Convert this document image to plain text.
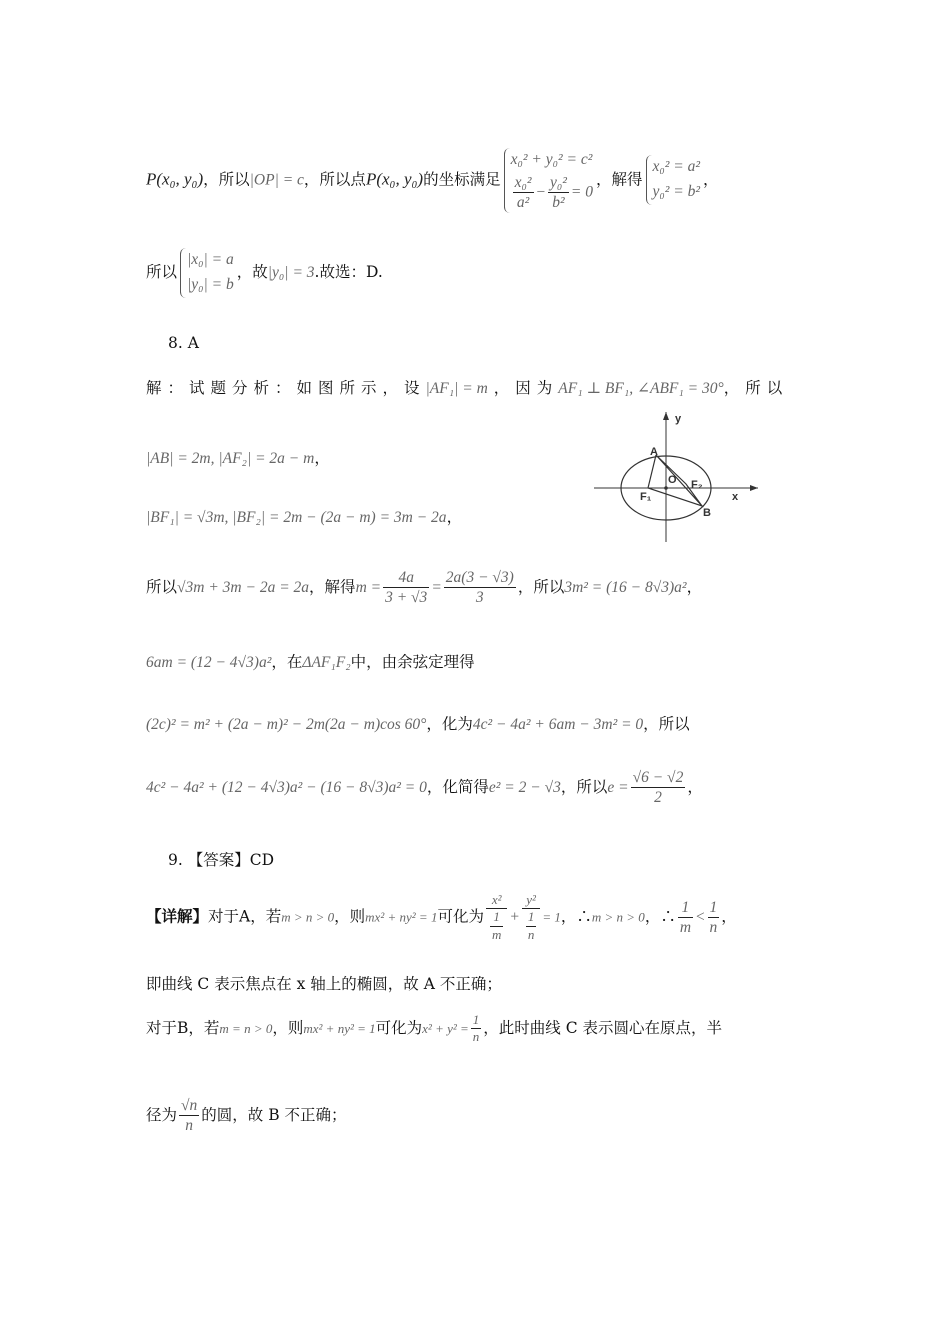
P(x₀, y₀)，所以|OP| = c，所以点P(x₀, y₀)的坐标满足
x₀² + y₀² = c²
$\frac{\text{x₀²}}{\text{a²}} - \frac{\text{y₀²}}{\text{b²}} = 0$
，解得
x₀² = a²
y₀² = b²
，
所以
|x₀| = a
|y₀| = b
，故|y₀| = 3.故选：D.
8. A
解：试题分析：如图所示，设|AF₁| = m ，因为AF₁ ⊥ BF₁, ∠ABF₁ = 30°，所以
|AB| = 2m, |AF₂| = 2a − m，
|BF₁| = √3m, |BF₂| = 2m − (2a − m) = 3m − 2a，
所以√3m + 3m − 2a = 2a，解得$m = \frac{4a}{3 + √3} = \frac{2a(3 - √3)}{3}$ ，所以3m² = (16 − 8√3)a²，
6am = (12 − 4√3)a²，在ΔAF₁F₂中，由余弦定理得
(2c)² = m² + (2a − m)² − 2m(2a − m)cos 60°，化为4c² − 4a² + 6am − 3m² = 0，所以
4c² − 4a² + (12 − 4√3)a² − (16 − 8√3)a² = 0，化简得e² = 2 − √3，所以$e = \frac{√6 - √2}{2}$ ，
A
B
O
F₁
F₂
x
y
9. 【答案】CD
【详解】对于A，若m > n > 0，则mx² + ny² = 1可化为 $\frac{\text{x²}}{\frac{1}{m}} + \frac{\text{y²}}{\frac{1}{n}} = 1$，∴m > n > 0，∴ $\frac{1}{m} < \frac{1}{n}$ ，
即曲线 C 表示焦点在 x 轴上的椭圆，故 A 不正确；
对于B，若m = n > 0，则mx² + ny² = 1可化为$x^2 + y^2 = \frac{1}{n}$ ，此时曲线 C 表示圆心在原点，半
径为 $\frac{√n}{n}$ 的圆，故 B 不正确；
